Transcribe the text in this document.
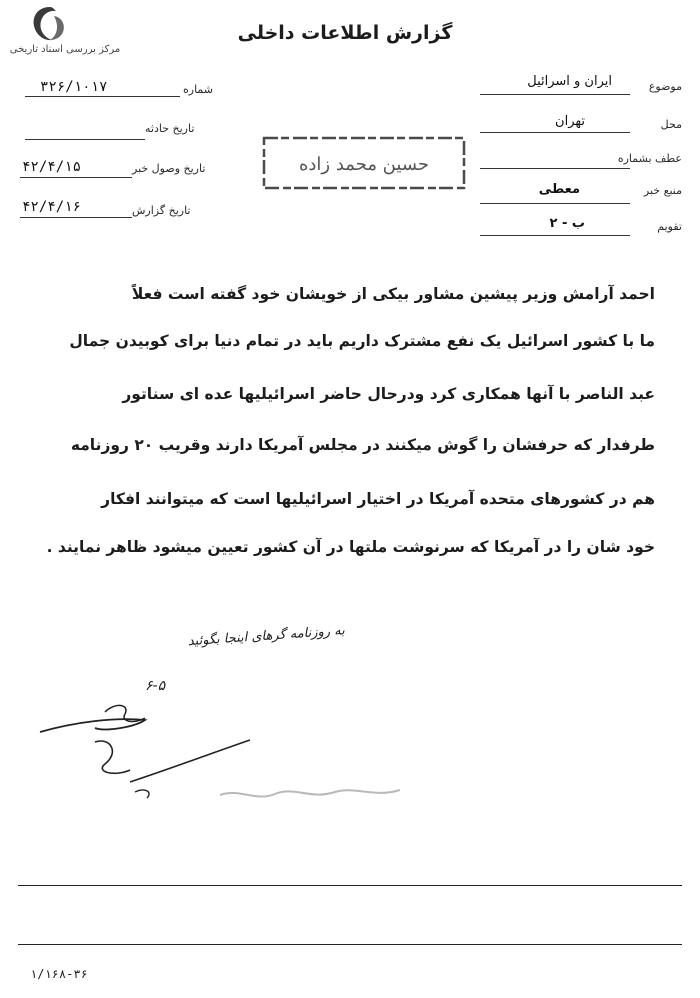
مرکز بررسی اسناد تاریخی
گزارش اطلاعات داخلی
موضوع
ایران و اسرائیل
محل
تهران
عطف بشماره
منبع خبر
معطی
تقویم
ب - ۲
شماره
۳۲۶/۱۰۱۷
تاریخ حادثه
تاریخ وصول خبر
۴۲/۴/۱۵
تاریخ گزارش
۴۲/۴/۱۶
حسین محمد زاده
احمد آرامش وزیر پیشین مشاور بیکی از خویشان خود گفته است فعلاً
ما با کشور اسرائیل یک نفع مشترک داریم باید در تمام دنیا برای کوبیدن جمال
عبد الناصر با آنها همکاری کرد ودرحال حاضر اسرائیلیها عده ای سناتور
طرفدار که حرفشان را گوش میکنند در مجلس آمریکا دارند وقریب ۲۰ روزنامه
هم در کشورهای متحده آمریکا در اختیار اسرائیلیها است که میتوانند افکار
خود شان را در آمریکا که سرنوشت ملتها در آن کشور تعیین میشود ظاهر نمایند .
به روزنامه گرهای اینجا بگوئید
۶-۵
۱/۱۶۸-۳۶
